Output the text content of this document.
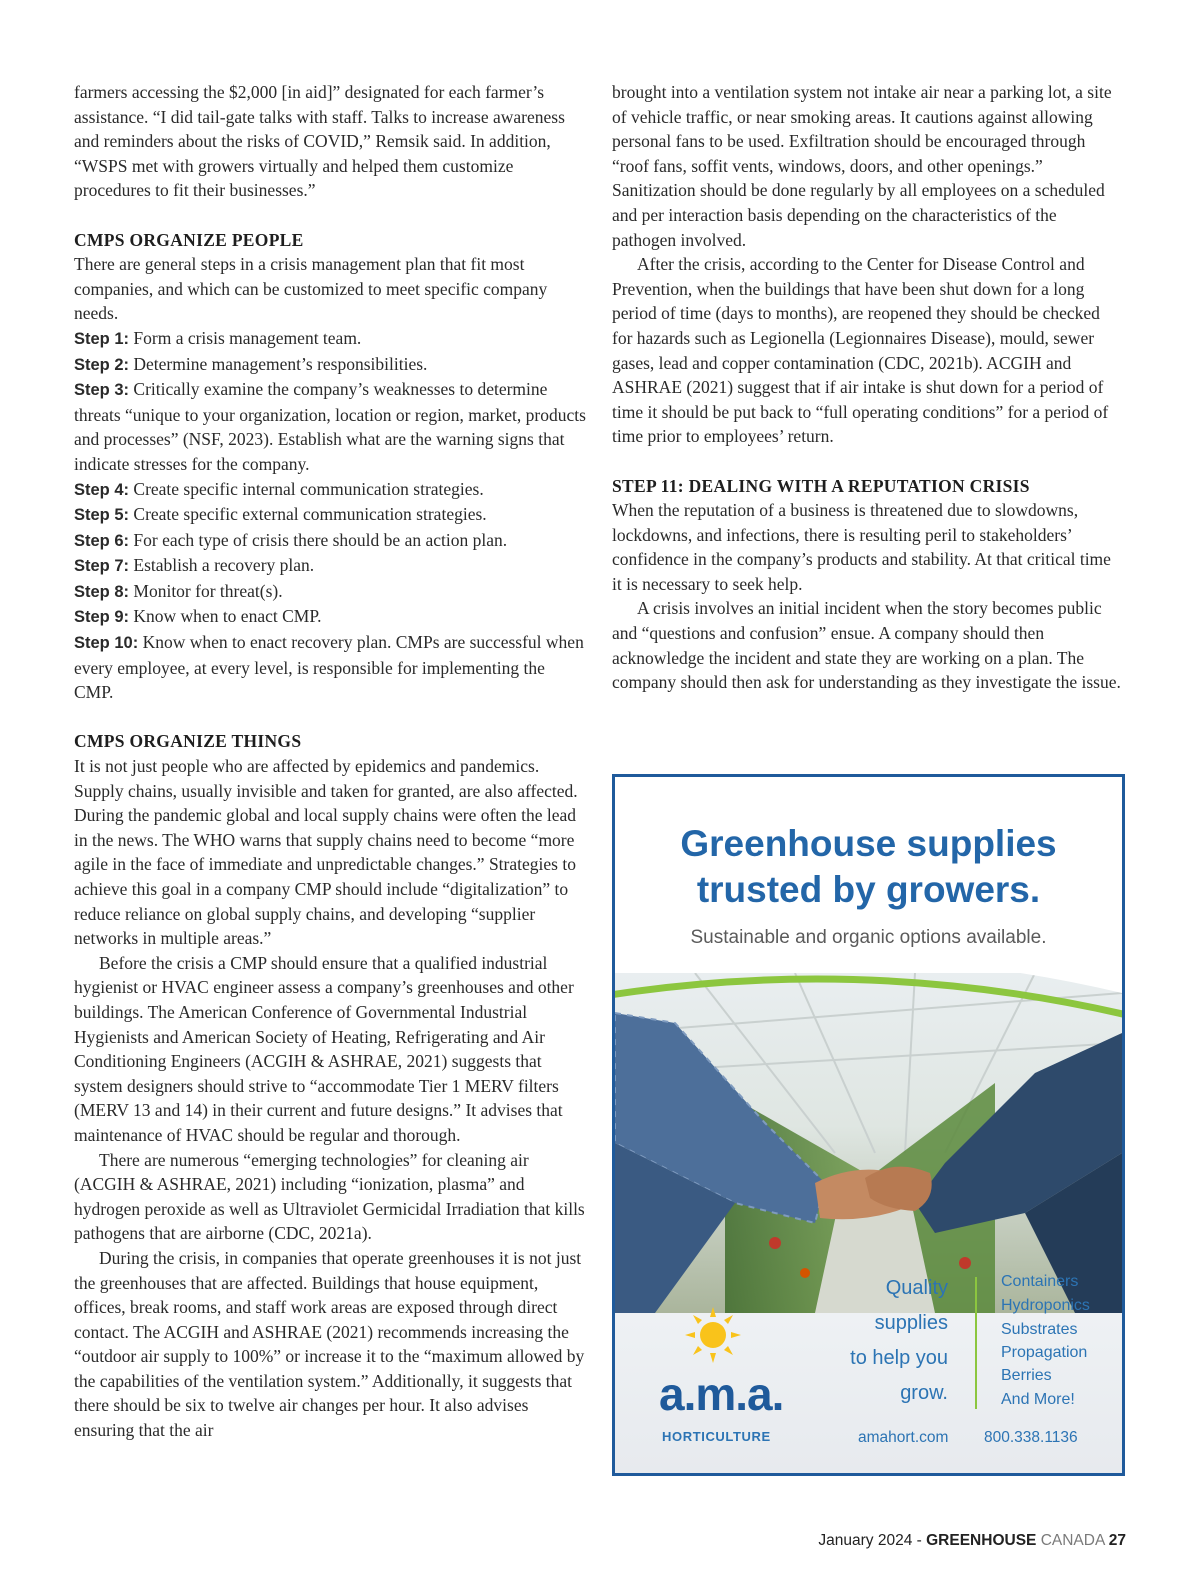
farmers accessing the $2,000 [in aid]” designated for each farmer’s assistance. “I did tail-gate talks with staff. Talks to increase awareness and reminders about the risks of COVID,” Remsik said. In addition, “WSPS met with growers virtually and helped them customize procedures to fit their businesses.”

CMPS ORGANIZE PEOPLE

There are general steps in a crisis management plan that fit most companies, and which can be customized to meet specific company needs.

Step 1: Form a crisis management team.

Step 2: Determine management’s responsibilities.

Step 3: Critically examine the company’s weaknesses to determine threats “unique to your organization, location or region, market, products and processes” (NSF, 2023). Establish what are the warning signs that indicate stresses for the company.

Step 4: Create specific internal communication strategies.

Step 5: Create specific external communication strategies.

Step 6: For each type of crisis there should be an action plan.

Step 7: Establish a recovery plan.

Step 8: Monitor for threat(s).

Step 9: Know when to enact CMP.

Step 10: Know when to enact recovery plan. CMPs are successful when every employee, at every level, is responsible for implementing the CMP.

CMPS ORGANIZE THINGS

It is not just people who are affected by epidemics and pandemics. Supply chains, usually invisible and taken for granted, are also affected. During the pandemic global and local supply chains were often the lead in the news. The WHO warns that supply chains need to become “more agile in the face of immediate and unpredictable changes.” Strategies to achieve this goal in a company CMP should include “digitalization” to reduce reliance on global supply chains, and developing “supplier networks in multiple areas.”

Before the crisis a CMP should ensure that a qualified industrial hygienist or HVAC engineer assess a company’s greenhouses and other buildings. The American Conference of Governmental Industrial Hygienists and American Society of Heating, Refrigerating and Air Conditioning Engineers (ACGIH & ASHRAE, 2021) suggests that system designers should strive to “accommodate Tier 1 MERV filters (MERV 13 and 14) in their current and future designs.” It advises that maintenance of HVAC should be regular and thorough.

There are numerous “emerging technologies” for cleaning air (ACGIH & ASHRAE, 2021) including “ionization, plasma” and hydrogen peroxide as well as Ultraviolet Germicidal Irradiation that kills pathogens that are airborne (CDC, 2021a).

During the crisis, in companies that operate greenhouses it is not just the greenhouses that are affected. Buildings that house equipment, offices, break rooms, and staff work areas are exposed through direct contact. The ACGIH and ASHRAE (2021) recommends increasing the “outdoor air supply to 100%” or increase it to the “maximum allowed by the capabilities of the ventilation system.” Additionally, it suggests that there should be six to twelve air changes per hour. It also advises ensuring that the air

brought into a ventilation system not intake air near a parking lot, a site of vehicle traffic, or near smoking areas. It cautions against allowing personal fans to be used. Exfiltration should be encouraged through “roof fans, soffit vents, windows, doors, and other openings.” Sanitization should be done regularly by all employees on a scheduled and per interaction basis depending on the characteristics of the pathogen involved.

After the crisis, according to the Center for Disease Control and Prevention, when the buildings that have been shut down for a long period of time (days to months), are reopened they should be checked for hazards such as Legionella (Legionnaires Disease), mould, sewer gases, lead and copper contamination (CDC, 2021b). ACGIH and ASHRAE (2021) suggest that if air intake is shut down for a period of time it should be put back to “full operating conditions” for a period of time prior to employees’ return.

STEP 11: DEALING WITH A REPUTATION CRISIS

When the reputation of a business is threatened due to slowdowns, lockdowns, and infections, there is resulting peril to stakeholders’ confidence in the company’s products and stability. At that critical time it is necessary to seek help.

A crisis involves an initial incident when the story becomes public and “questions and confusion” ensue. A company should then acknowledge the incident and state they are working on a plan. The company should then ask for understanding as they investigate the issue.

Greenhouse supplies
trusted by growers.
Sustainable and organic options available.
Quality
supplies
to help you
grow.
Containers
Hydroponics
Substrates
Propagation
Berries
And More!
a.m.a.
HORTICULTURE	amahort.com 800.338.1136
January 2024 - GREENHOUSE CANADA 27
